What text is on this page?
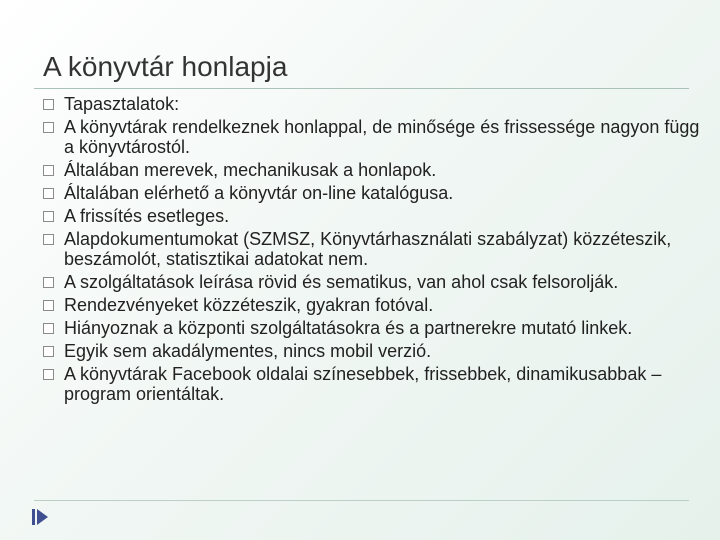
A könyvtár honlapja
Tapasztalatok:
A könyvtárak rendelkeznek honlappal, de minősége és frissessége nagyon függ a könyvtárostól.
Általában merevek, mechanikusak a honlapok.
Általában elérhető a könyvtár on-line katalógusa.
A frissítés esetleges.
Alapdokumentumokat (SZMSZ, Könyvtárhasználati szabályzat) közzéteszik, beszámolót, statisztikai adatokat nem.
A szolgáltatások leírása rövid és sematikus, van ahol csak felsorolják.
Rendezvényeket közzéteszik, gyakran fotóval.
Hiányoznak a központi szolgáltatásokra és a partnerekre mutató linkek.
Egyik sem akadálymentes, nincs mobil verzió.
A könyvtárak Facebook oldalai színesebbek, frissebbek, dinamikusabbak – program orientáltak.
